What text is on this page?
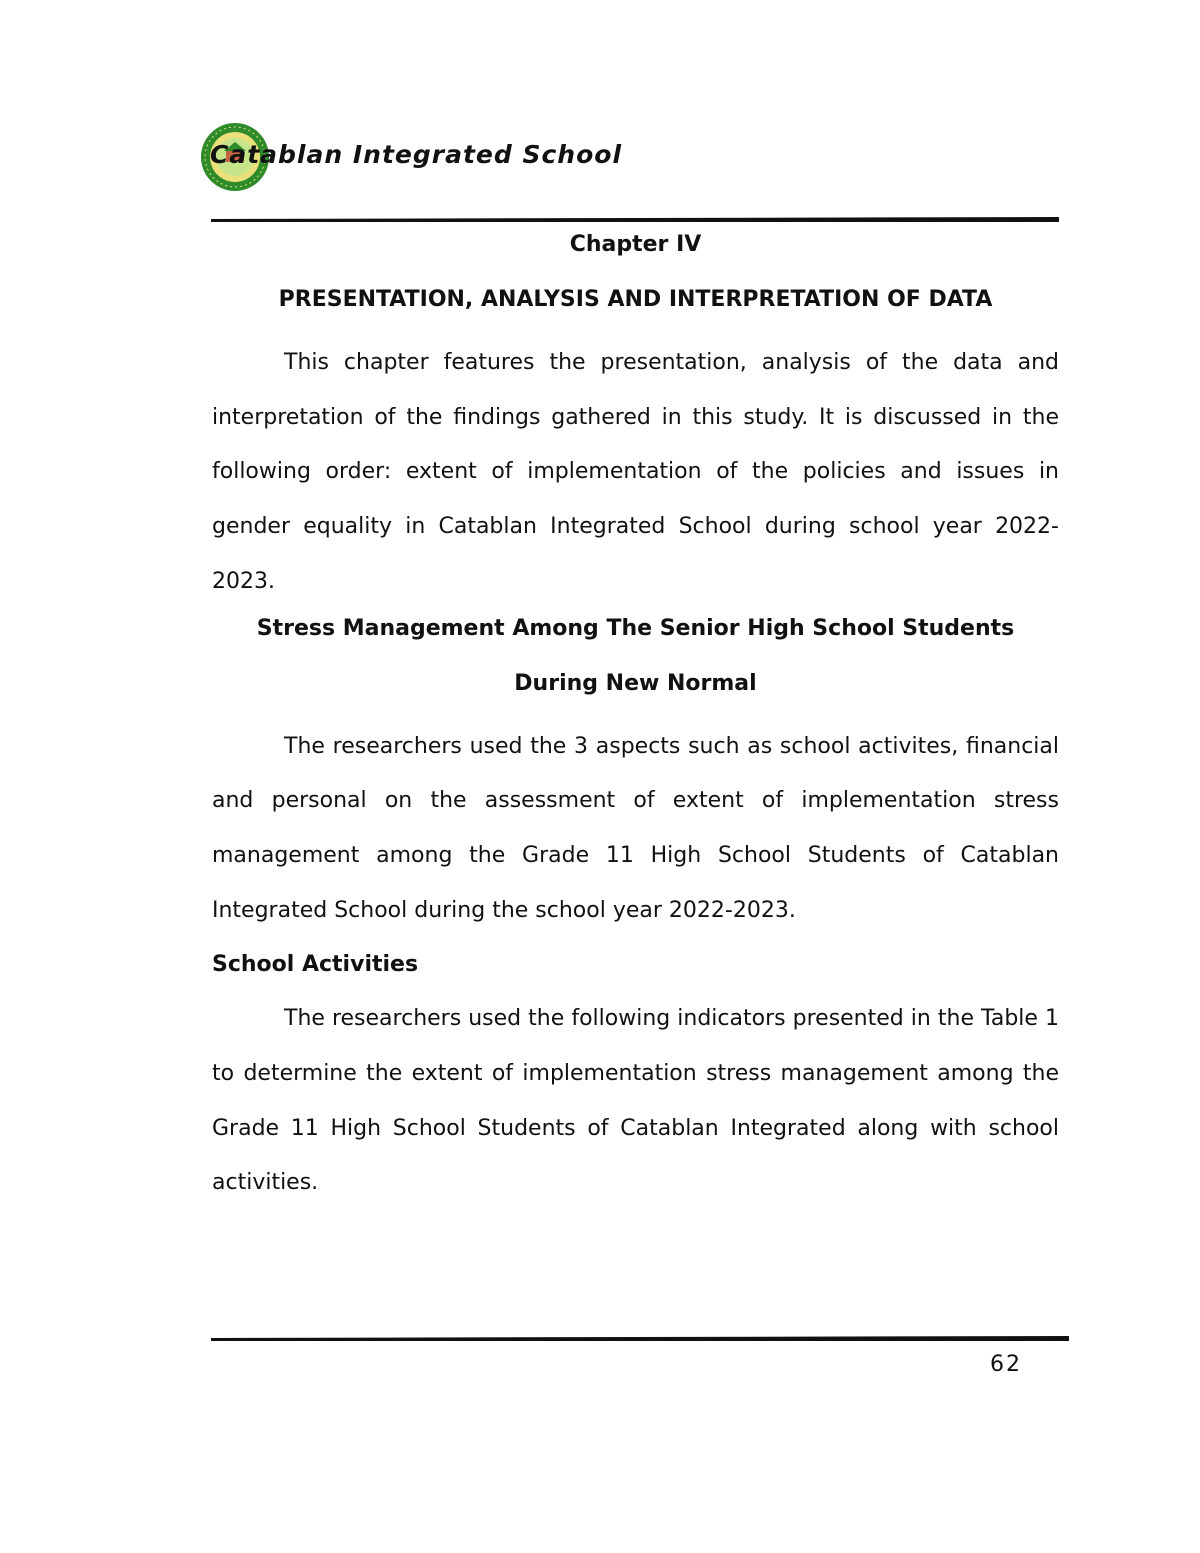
Catablan Integrated School
Chapter IV
PRESENTATION, ANALYSIS AND INTERPRETATION OF DATA

This chapter features the presentation, analysis of the data and interpretation of the findings gathered in this study. It is discussed in the following order: extent of implementation of the policies and issues in gender equality in Catablan Integrated School during school year 2022-2023.

Stress Management Among The Senior High School Students
During New Normal

The researchers used the 3 aspects such as school activites, financial and personal on the assessment of extent of implementation stress management among the Grade 11 High School Students of Catablan Integrated School during the school year 2022-2023.

School Activities

The researchers used the following indicators presented in the Table 1 to determine the extent of implementation stress management among the Grade 11 High School Students of Catablan Integrated along with school activities.

62
